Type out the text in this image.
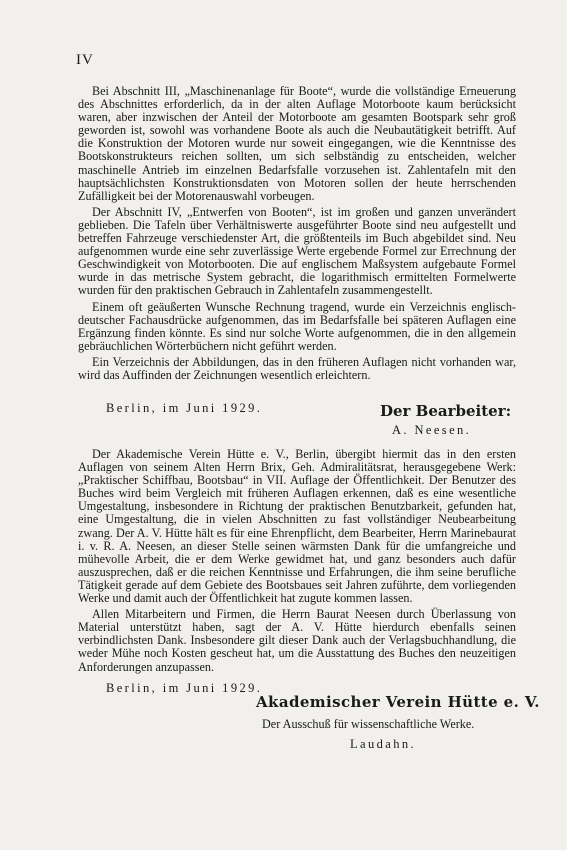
IV

Bei Abschnitt III, „Maschinenanlage für Boote“, wurde die vollständige Erneuerung des Abschnittes erforderlich, da in der alten Auflage Motorboote kaum berücksicht waren, aber inzwischen der Anteil der Motorboote am gesamten Bootspark sehr groß geworden ist, sowohl was vorhandene Boote als auch die Neubautätigkeit betrifft. Auf die Konstruktion der Motoren wurde nur soweit eingegangen, wie die Kenntnisse des Bootskonstrukteurs reichen sollten, um sich selbständig zu entscheiden, welcher maschinelle Antrieb im einzelnen Bedarfsfalle vorzusehen ist. Zahlentafeln mit den hauptsächlichsten Konstruktionsdaten von Motoren sollen der heute herrschenden Zufälligkeit bei der Motorenauswahl vorbeugen.

Der Abschnitt IV, „Entwerfen von Booten“, ist im großen und ganzen unverändert geblieben. Die Tafeln über Verhältniswerte ausgeführter Boote sind neu aufgestellt und betreffen Fahrzeuge verschiedenster Art, die größtenteils im Buch abgebildet sind. Neu aufgenommen wurde eine sehr zuverlässige Werte ergebende Formel zur Errechnung der Geschwindigkeit von Motorbooten. Die auf englischem Maßsystem aufgebaute Formel wurde in das metrische System gebracht, die logarithmisch ermittelten Formelwerte wurden für den praktischen Gebrauch in Zahlentafeln zusammengestellt.

Einem oft geäußerten Wunsche Rechnung tragend, wurde ein Verzeichnis englisch-deutscher Fachausdrücke aufgenommen, das im Bedarfsfalle bei späteren Auflagen eine Ergänzung finden könnte. Es sind nur solche Worte aufgenommen, die in den allgemein gebräuchlichen Wörterbüchern nicht geführt werden.

Ein Verzeichnis der Abbildungen, das in den früheren Auflagen nicht vorhanden war, wird das Auffinden der Zeichnungen wesentlich erleichtern.

Berlin, im Juni 1929.	Der Bearbeiter:
A. Neesen.

Der Akademische Verein Hütte e. V., Berlin, übergibt hiermit das in den ersten Auflagen von seinem Alten Herrn Brix, Geh. Admiralitätsrat, herausgegebene Werk: „Praktischer Schiffbau, Bootsbau“ in VII. Auflage der Öffentlichkeit. Der Benutzer des Buches wird beim Vergleich mit früheren Auflagen erkennen, daß es eine wesentliche Umgestaltung, insbesondere in Richtung der praktischen Benutzbarkeit, gefunden hat, eine Umgestaltung, die in vielen Abschnitten zu fast vollständiger Neubearbeitung zwang. Der A. V. Hütte hält es für eine Ehrenpflicht, dem Bearbeiter, Herrn Marinebaurat i. v. R. A. Neesen, an dieser Stelle seinen wärmsten Dank für die umfangreiche und mühevolle Arbeit, die er dem Werke gewidmet hat, und ganz besonders auch dafür auszusprechen, daß er die reichen Kenntnisse und Erfahrungen, die ihm seine berufliche Tätigkeit gerade auf dem Gebiete des Bootsbaues seit Jahren zuführte, dem vorliegenden Werke und damit auch der Öffentlichkeit hat zugute kommen lassen.

Allen Mitarbeitern und Firmen, die Herrn Baurat Neesen durch Überlassung von Material unterstützt haben, sagt der A. V. Hütte hierdurch ebenfalls seinen verbindlichsten Dank. Insbesondere gilt dieser Dank auch der Verlagsbuchhandlung, die weder Mühe noch Kosten gescheut hat, um die Ausstattung des Buches den neuzeitigen Anforderungen anzupassen.

Berlin, im Juni 1929.
Akademischer Verein Hütte e. V.
Der Ausschuß für wissenschaftliche Werke.
Laudahn.
